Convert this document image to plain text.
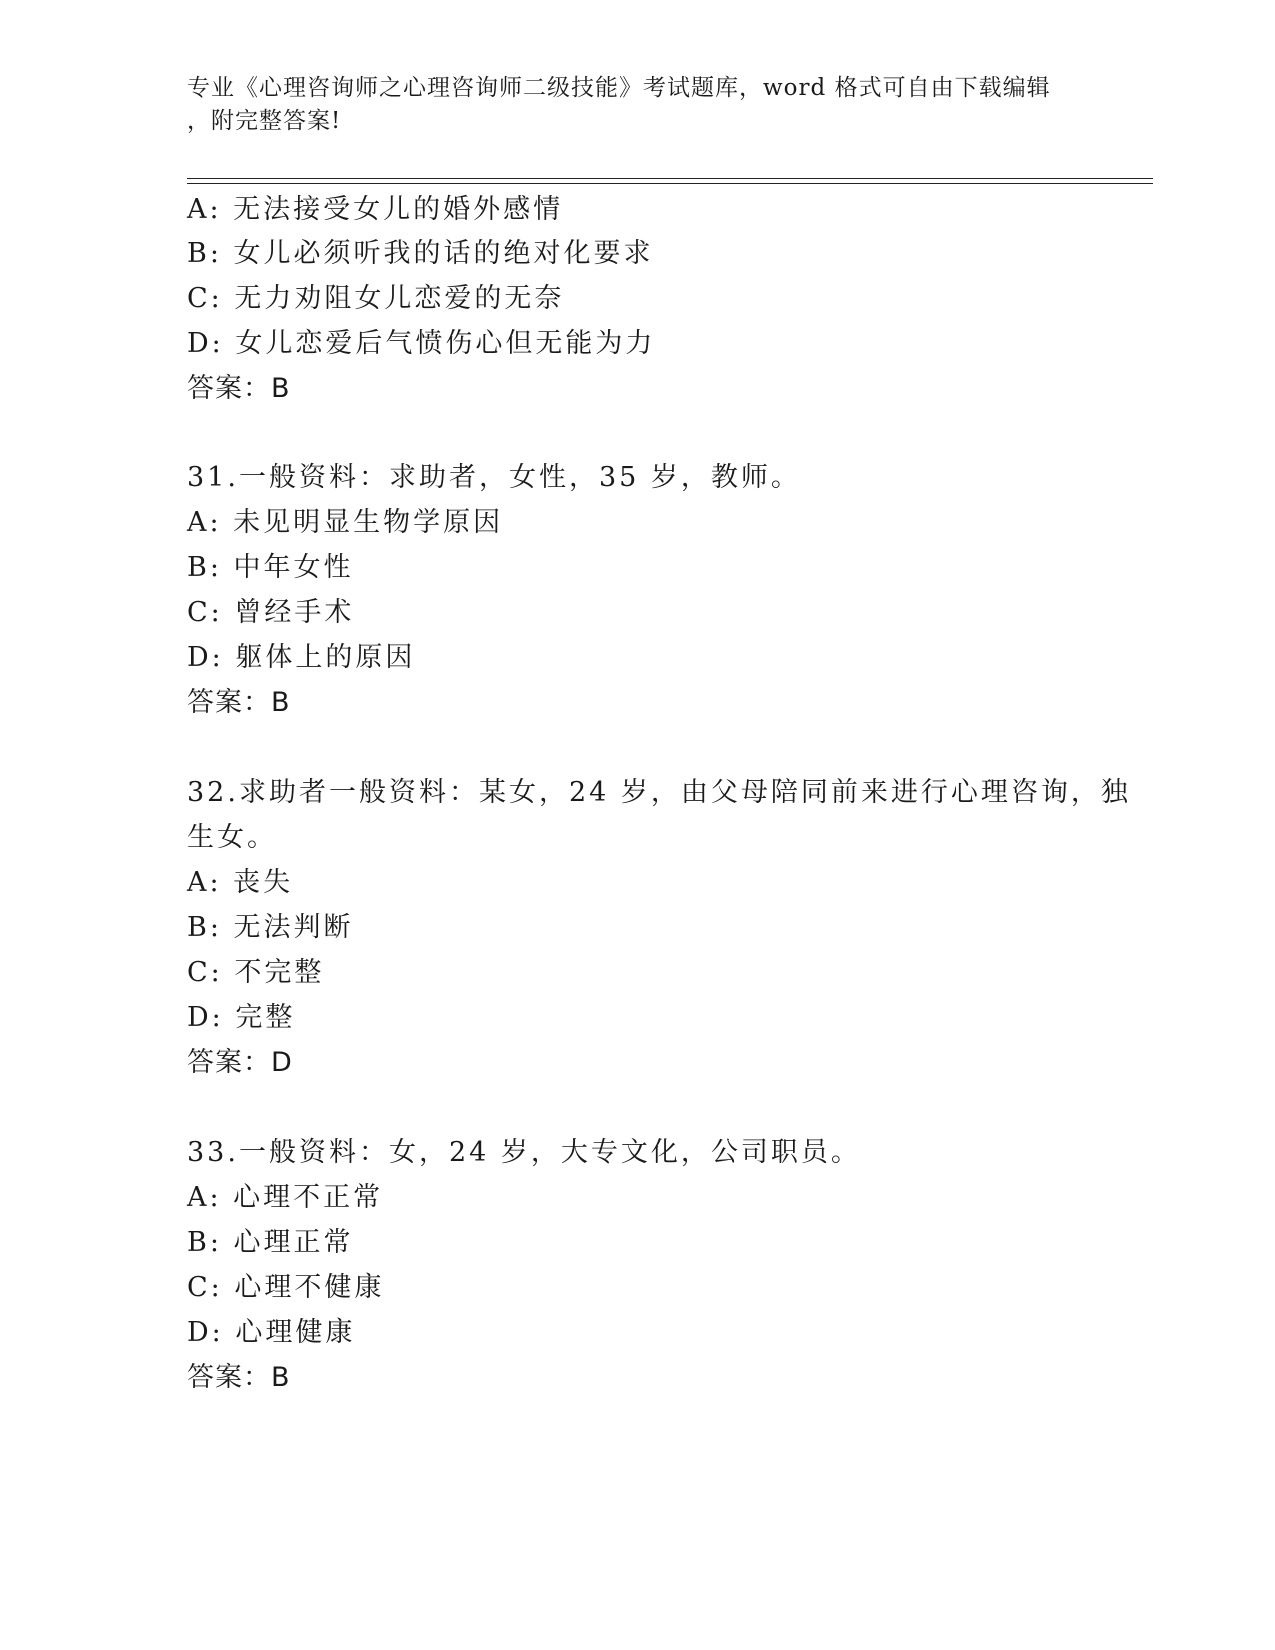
专业《心理咨询师之心理咨询师二级技能》考试题库，word 格式可自由下载编辑
，附完整答案!
A: 无法接受女儿的婚外感情
B: 女儿必须听我的话的绝对化要求
C: 无力劝阻女儿恋爱的无奈
D: 女儿恋爱后气愤伤心但无能为力
答案：B
31.一般资料：求助者，女性，35 岁，教师。
A: 未见明显生物学原因
B: 中年女性
C: 曾经手术
D: 躯体上的原因
答案：B
32.求助者一般资料：某女，24 岁，由父母陪同前来进行心理咨询，独
生女。
A: 丧失
B: 无法判断
C: 不完整
D: 完整
答案：D
33.一般资料：女，24 岁，大专文化，公司职员。
A: 心理不正常
B: 心理正常
C: 心理不健康
D: 心理健康
答案：B
